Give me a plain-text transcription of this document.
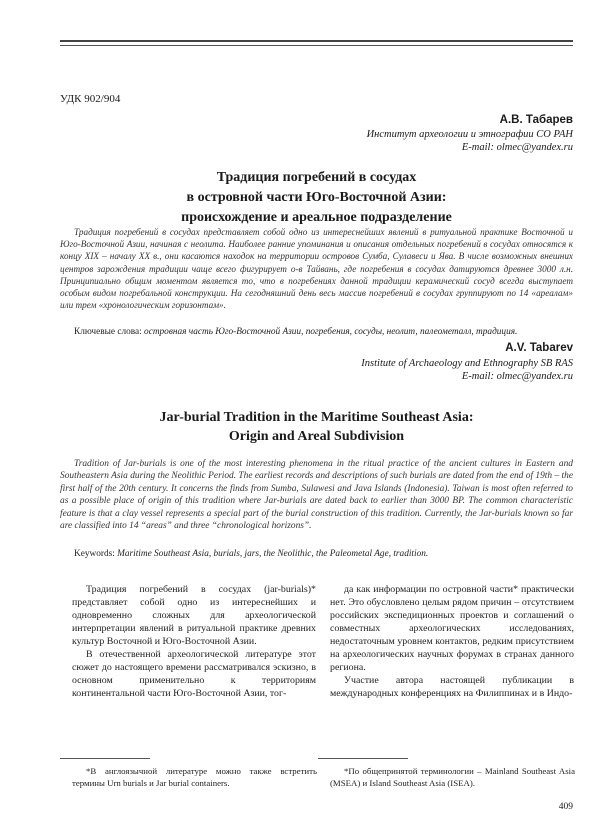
УДК 902/904
А.В. Табарев
Институт археологии и этнографии СО РАН
E-mail: olmec@yandex.ru
Традиция погребений в сосудах
в островной части Юго-Восточной Азии:
происхождение и ареальное подразделение
Традиция погребений в сосудах представляет собой одно из интереснейших явлений в ритуальной практике Восточной и Юго-Восточной Азии, начиная с неолита. Наиболее ранние упоминания и описания отдельных погребений в сосудах относятся к концу XIX – началу XX в., они касаются находок на территории островов Сумба, Сулавеси и Ява. В числе возможных внешних центров зарождения традиции чаще всего фигурирует о-в Тайвань, где погребения в сосудах датируются древнее 3000 л.н. Принципиально общим моментом является то, что в погребениях данной традиции керамический сосуд всегда выступает особым видом погребальной конструкции. На сегодняшний день весь массив погребений в сосудах группируют по 14 «ареалам» или трем «хронологическим горизонтам».
Ключевые слова: островная часть Юго-Восточной Азии, погребения, сосуды, неолит, палеометалл, традиция.
A.V. Tabarev
Institute of Archaeology and Ethnography SB RAS
E-mail: olmec@yandex.ru
Jar-burial Tradition in the Maritime Southeast Asia:
Origin and Areal Subdivision
Tradition of Jar-burials is one of the most interesting phenomena in the ritual practice of the ancient cultures in Eastern and Southeastern Asia during the Neolithic Period. The earliest records and descriptions of such burials are dated from the end of 19th – the first half of the 20th century. It concerns the finds from Sumba, Sulawesi and Java Islands (Indonesia). Taiwan is most often referred to as a possible place of origin of this tradition where Jar-burials are dated back to earlier than 3000 BP. The common characteristic feature is that a clay vessel represents a special part of the burial construction of this tradition. Currently, the Jar-burials known so far are classified into 14 “areas” and three “chronological horizons”.
Keywords: Maritime Southeast Asia, burials, jars, the Neolithic, the Paleometal Age, tradition.

Традиция погребений в сосудах (jar-burials)* представляет собой одно из интереснейших и одновременно сложных для археологической интерпретации явлений в ритуальной практике древних культур Восточной и Юго-Восточной Азии.

В отечественной археологической литературе этот сюжет до настоящего времени рассматривался эскизно, в основном применительно к территориям континентальной части Юго-Восточной Азии, тог-

да как информации по островной части* практически нет. Это обусловлено целым рядом причин – отсутствием российских экспедиционных проектов и соглашений о совместных археологических исследованиях, недостаточным уровнем контактов, редким присутствием на археологических научных форумах в странах данного региона.

Участие автора настоящей публикации в международных конференциях на Филиппинах и в Индо-

*В англоязычной литературе можно также встретить термины Urn burials и Jar burial containers.
*По общепринятой терминологии – Mainland Southeast Asia (MSEA) и Island Southeast Asia (ISEA).
409
